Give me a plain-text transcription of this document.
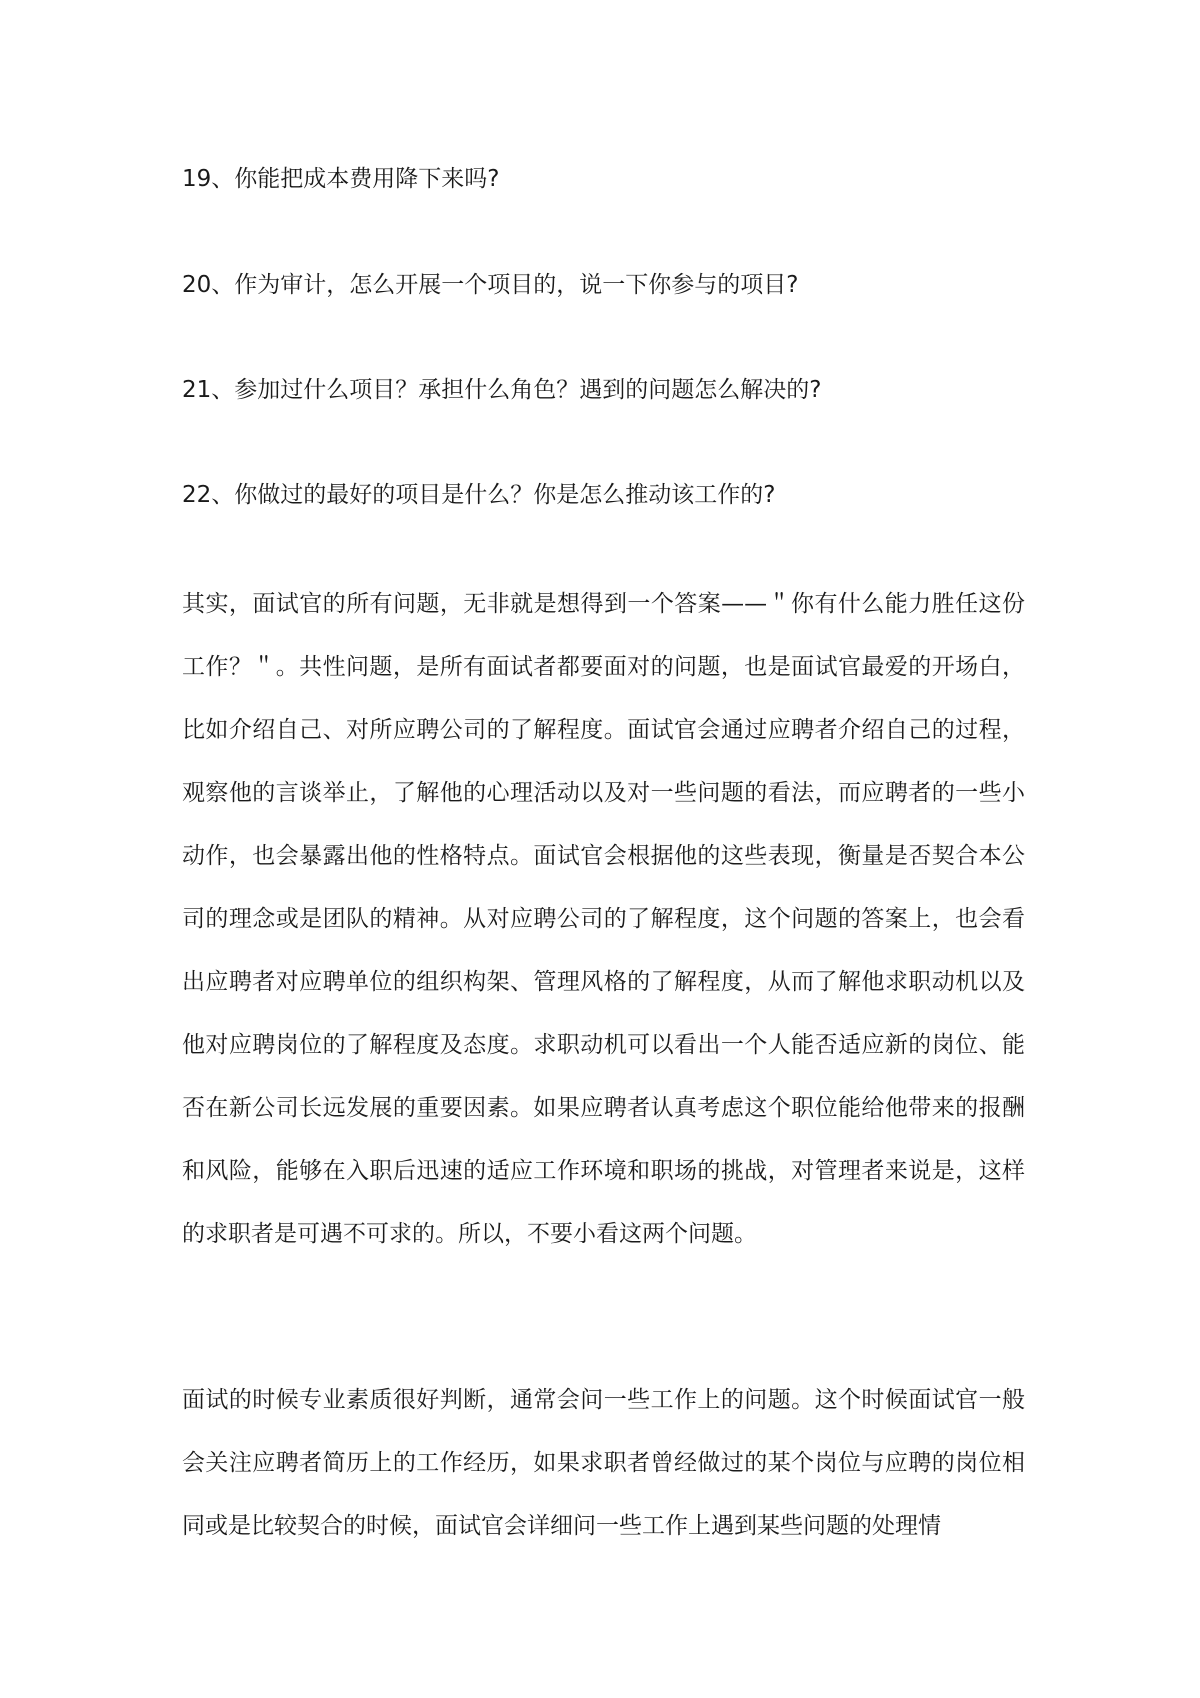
19、你能把成本费用降下来吗?

20、作为审计，怎么开展一个项目的，说一下你参与的项目?

21、参加过什么项目？承担什么角色？遇到的问题怎么解决的?

22、你做过的最好的项目是什么？你是怎么推动该工作的?

其实，面试官的所有问题，无非就是想得到一个答案——＂你有什么能力胜任这份工作？＂。共性问题，是所有面试者都要面对的问题，也是面试官最爱的开场白，比如介绍自己、对所应聘公司的了解程度。面试官会通过应聘者介绍自己的过程，观察他的言谈举止，了解他的心理活动以及对一些问题的看法，而应聘者的一些小动作，也会暴露出他的性格特点。面试官会根据他的这些表现，衡量是否契合本公司的理念或是团队的精神。从对应聘公司的了解程度，这个问题的答案上，也会看出应聘者对应聘单位的组织构架、管理风格的了解程度，从而了解他求职动机以及他对应聘岗位的了解程度及态度。求职动机可以看出一个人能否适应新的岗位、能否在新公司长远发展的重要因素。如果应聘者认真考虑这个职位能给他带来的报酬和风险，能够在入职后迅速的适应工作环境和职场的挑战，对管理者来说是，这样的求职者是可遇不可求的。所以，不要小看这两个问题。

面试的时候专业素质很好判断，通常会问一些工作上的问题。这个时候面试官一般会关注应聘者简历上的工作经历，如果求职者曾经做过的某个岗位与应聘的岗位相同或是比较契合的时候，面试官会详细问一些工作上遇到某些问题的处理情
